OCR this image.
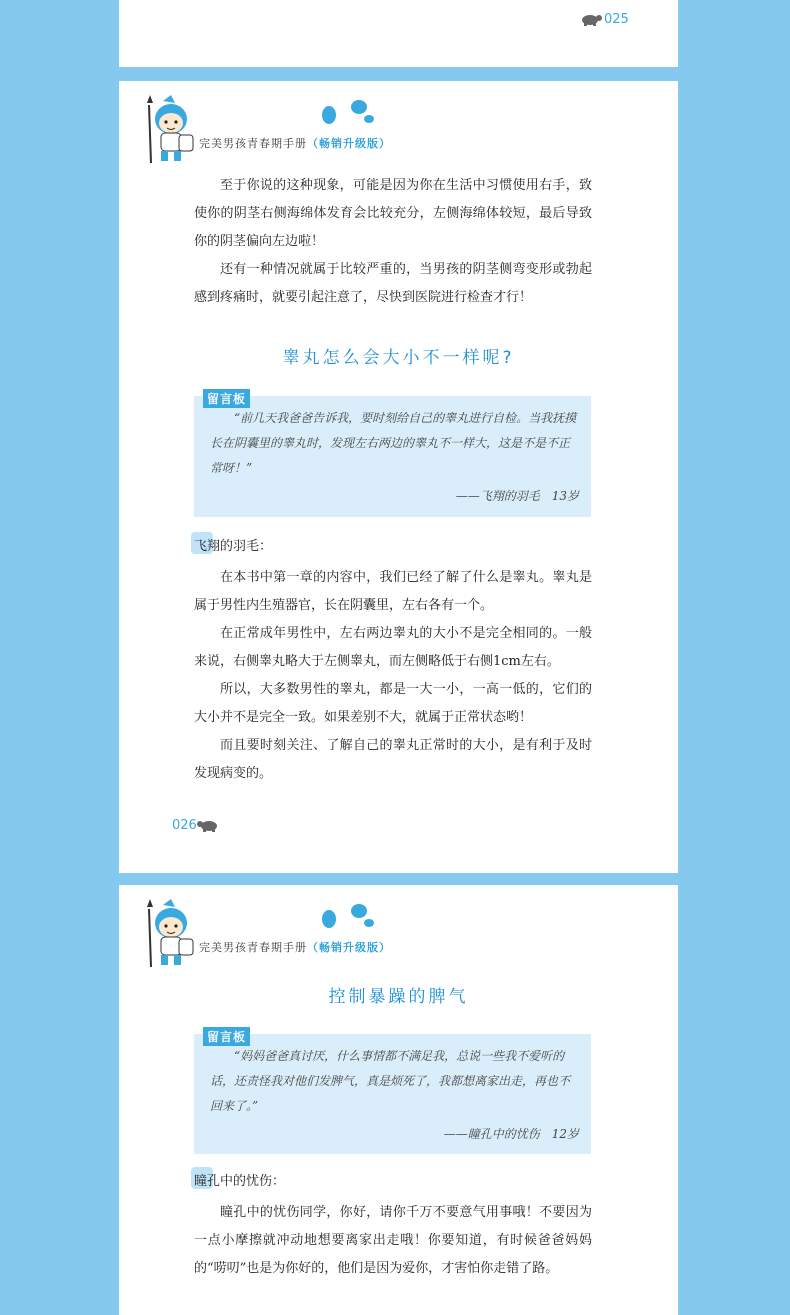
025
完美男孩青春期手册（畅销升级版）

至于你说的这种现象，可能是因为你在生活中习惯使用右手，致使你的阴茎右侧海绵体发育会比较充分，左侧海绵体较短，最后导致你的阴茎偏向左边啦！

还有一种情况就属于比较严重的，当男孩的阴茎侧弯变形或勃起感到疼痛时，就要引起注意了，尽快到医院进行检查才行！

睾丸怎么会大小不一样呢?
留言板
“前几天我爸爸告诉我，要时刻给自己的睾丸进行自检。当我抚摸长在阴囊里的睾丸时，发现左右两边的睾丸不一样大，这是不是不正常呀！”
——飞翔的羽毛　13岁
飞翔的羽毛：

在本书中第一章的内容中，我们已经了解了什么是睾丸。睾丸是属于男性内生殖器官，长在阴囊里，左右各有一个。

在正常成年男性中，左右两边睾丸的大小不是完全相同的。一般来说，右侧睾丸略大于左侧睾丸，而左侧略低于右侧1cm左右。

所以，大多数男性的睾丸，都是一大一小，一高一低的，它们的大小并不是完全一致。如果差别不大，就属于正常状态哟！

而且要时刻关注、了解自己的睾丸正常时的大小，是有利于及时发现病变的。

026
完美男孩青春期手册（畅销升级版）
控制暴躁的脾气
留言板
“妈妈爸爸真讨厌，什么事情都不满足我，总说一些我不爱听的话，还责怪我对他们发脾气，真是烦死了，我都想离家出走，再也不回来了。”
——瞳孔中的忧伤　12岁
瞳孔中的忧伤：

瞳孔中的忧伤同学，你好，请你千万不要意气用事哦！不要因为一点小摩擦就冲动地想要离家出走哦！你要知道，有时候爸爸妈妈的“唠叨”也是为你好的，他们是因为爱你，才害怕你走错了路。
